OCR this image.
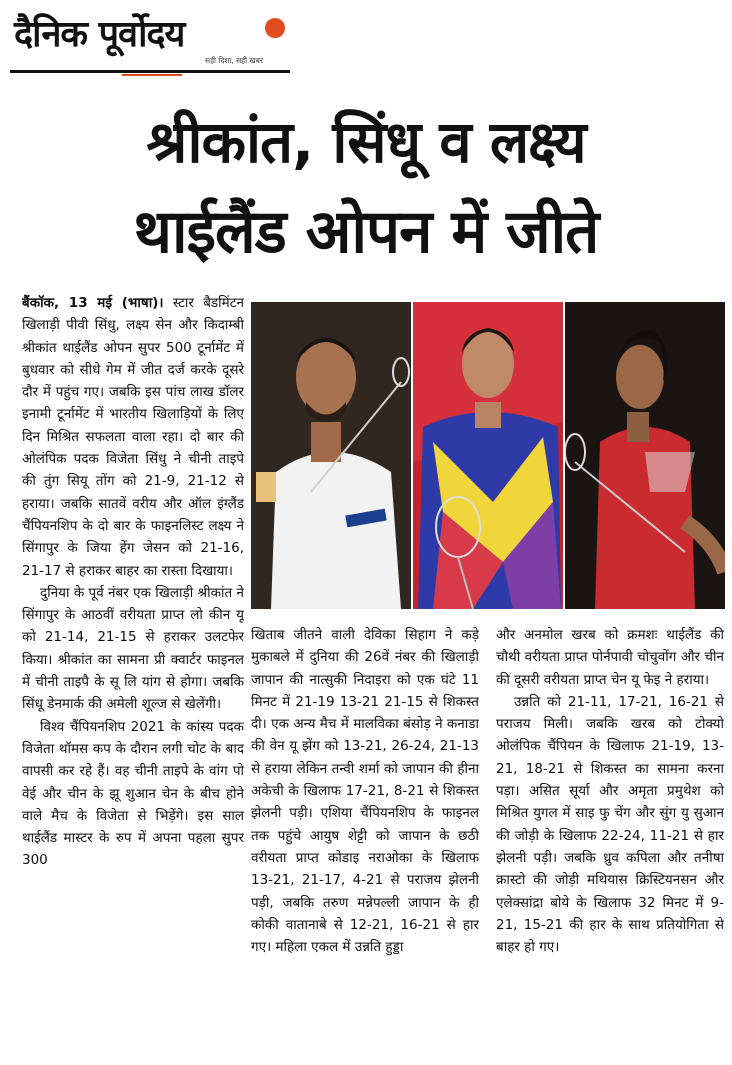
दैनिक पूर्वोदय
सही दिशा, सही खबर
श्रीकांत, सिंधू व लक्ष्य
थाईलैंड ओपन में जीते

बैंकॉक, 13 मई (भाषा)। स्टार बैडमिंटन खिलाड़ी पीवी सिंधु, लक्ष्य सेन और किदाम्बी श्रीकांत थाईलैंड ओपन सुपर 500 टूर्नामेंट में बुधवार को सीधे गेम में जीत दर्ज करके दूसरे दौर में पहुंच गए। जबकि इस पांच लाख डॉलर इनामी टूर्नामेंट में भारतीय खिलाड़ियों के लिए दिन मिश्रित सफलता वाला रहा। दो बार की ओलंपिक पदक विजेता सिंधु ने चीनी ताइपे की तुंग सियू तोंग को 21-9, 21-12 से हराया। जबकि सातवें वरीय और ऑल इंग्लैंड चैंपियनशिप के दो बार के फाइनलिस्ट लक्ष्य ने सिंगापुर के जिया हेंग जेसन को 21-16, 21-17 से हराकर बाहर का रास्ता दिखाया।

दुनिया के पूर्व नंबर एक खिलाड़ी श्रीकांत ने सिंगापुर के आठवीं वरीयता प्राप्त लो कीन यू को 21-14, 21-15 से हराकर उलटफेर किया। श्रीकांत का सामना प्री क्वार्टर फाइनल में चीनी ताइपै के सू लि यांग से होगा। जबकि सिंधू डेनमार्क की अमेली शूल्ज से खेलेंगी।

विश्व चैंपियनशिप 2021 के कांस्य पदक विजेता थॉमस कप के दौरान लगी चोट के बाद वापसी कर रहे हैं। वह चीनी ताइपे के वांग पो वेई और चीन के झू शुआन चेन के बीच होने वाले मैच के विजेता से भिड़ेंगे। इस साल थाईलैंड मास्टर के रुप में अपना पहला सुपर 300

खिताब जीतने वाली देविका सिहाग ने कड़े मुकाबले में दुनिया की 26वें नंबर की खिलाड़ी जापान की नात्सुकी निदाइरा को एक घंटे 11 मिनट में 21-19 13-21 21-15 से शिकस्त दी। एक अन्य मैच में मालविका बंसोड़ ने कनाडा की वेन यू झेंग को 13-21, 26-24, 21-13 से हराया लेकिन तन्वी शर्मा को जापान की हीना अकेची के खिलाफ 17-21, 8-21 से शिकस्त झेलनी पड़ी। एशिया चैंपियनशिप के फाइनल तक पहुंचे आयुष शेट्टी को जापान के छठी वरीयता प्राप्त कोडाइ नराओका के खिलाफ 13-21, 21-17, 4-21 से पराजय झेलनी पड़ी, जबकि तरुण मन्नेपल्ली जापान के ही कोकी वातानाबे से 12-21, 16-21 से हार गए। महिला एकल में उन्नति हुड्डा

और अनमोल खरब को क्रमशः थाईलैंड की चौथी वरीयता प्राप्त पोर्नपावी चोचुवोंग और चीन की दूसरी वरीयता प्राप्त चेन यू फेइ ने हराया।

उन्नति को 21-11, 17-21, 16-21 से पराजय मिली। जबकि खरब को टोक्यो ओलंपिक चैंपियन के खिलाफ 21-19, 13-21, 18-21 से शिकस्त का सामना करना पड़ा। असित सूर्या और अमृता प्रमुथेश को मिश्रित युगल में साइ फु चेंग और सुंग यु सुआन की जोड़ी के खिलाफ 22-24, 11-21 से हार झेलनी पड़ी। जबकि ध्रुव कपिला और तनीषा क्रास्टो की जोड़ी मथियास क्रिस्टियनसन और एलेक्सांद्रा बोये के खिलाफ 32 मिनट में 9-21, 15-21 की हार के साथ प्रतियोगिता से बाहर हो गए।
